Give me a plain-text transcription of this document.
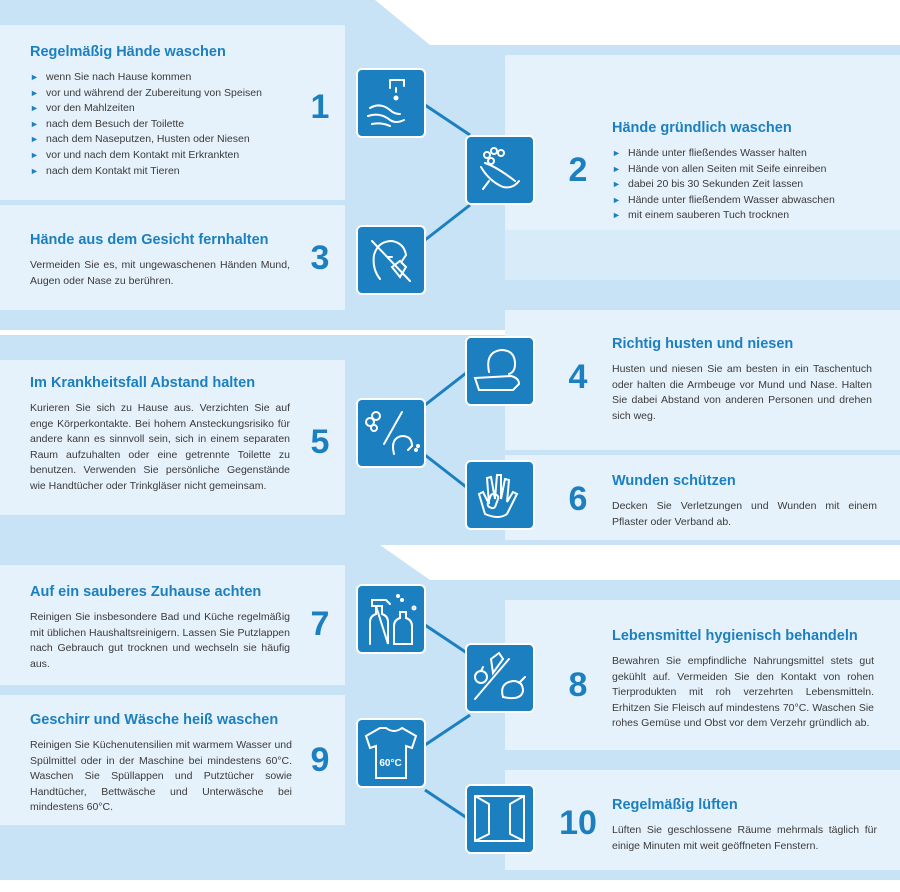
Regelmäßig Hände waschen
► wenn Sie nach Hause kommen
► vor und während der Zubereitung von Speisen
► vor den Mahlzeiten
► nach dem Besuch der Toilette
► nach dem Naseputzen, Husten oder Niesen
► vor und nach dem Kontakt mit Erkrankten
► nach dem Kontakt mit Tieren
1
Hände gründlich waschen
► Hände unter fließendes Wasser halten
► Hände von allen Seiten mit Seife einreiben
► dabei 20 bis 30 Sekunden Zeit lassen
► Hände unter fließendem Wasser abwaschen
► mit einem sauberen Tuch trocknen
2
Hände aus dem Gesicht fernhalten

Vermeiden Sie es, mit ungewaschenen Händen Mund, Augen oder Nase zu berühren.

3
Richtig husten und niesen

Husten und niesen Sie am besten in ein Taschentuch oder halten die Armbeuge vor Mund und Nase. Halten Sie dabei Abstand von anderen Personen und drehen sich weg.

4
Im Krankheitsfall Abstand halten

Kurieren Sie sich zu Hause aus. Verzichten Sie auf enge Körperkontakte. Bei hohem Ansteckungsrisiko für andere kann es sinnvoll sein, sich in einem separaten Raum aufzuhalten oder eine getrennte Toilette zu benutzen. Verwenden Sie persönliche Gegenstände wie Handtücher oder Trinkgläser nicht gemeinsam.

5
Wunden schützen

Decken Sie Verletzungen und Wunden mit einem Pflaster oder Verband ab.

6
Auf ein sauberes Zuhause achten

Reinigen Sie insbesondere Bad und Küche regelmäßig mit üblichen Haushaltsreinigern. Lassen Sie Putzlappen nach Gebrauch gut trocknen und wechseln sie häufig aus.

7	Lebensmittel hygienisch behandeln

Bewahren Sie empfindliche Nahrungsmittel stets gut gekühlt auf. Vermeiden Sie den Kontakt von rohen Tierprodukten mit roh verzehrten Lebensmitteln. Erhitzen Sie Fleisch auf mindestens 70°C. Waschen Sie rohes Gemüse und Obst vor dem Verzehr gründlich ab.

8
Geschirr und Wäsche heiß waschen

Reinigen Sie Küchenutensilien mit warmem Wasser und Spülmittel oder in der Maschine bei mindestens 60°C. Waschen Sie Spüllappen und Putztücher sowie Handtücher, Bettwäsche und Unterwäsche bei mindestens 60°C.

9	60°C
Regelmäßig lüften

Lüften Sie geschlossene Räume mehrmals täglich für einige Minuten mit weit geöffneten Fenstern.

10
